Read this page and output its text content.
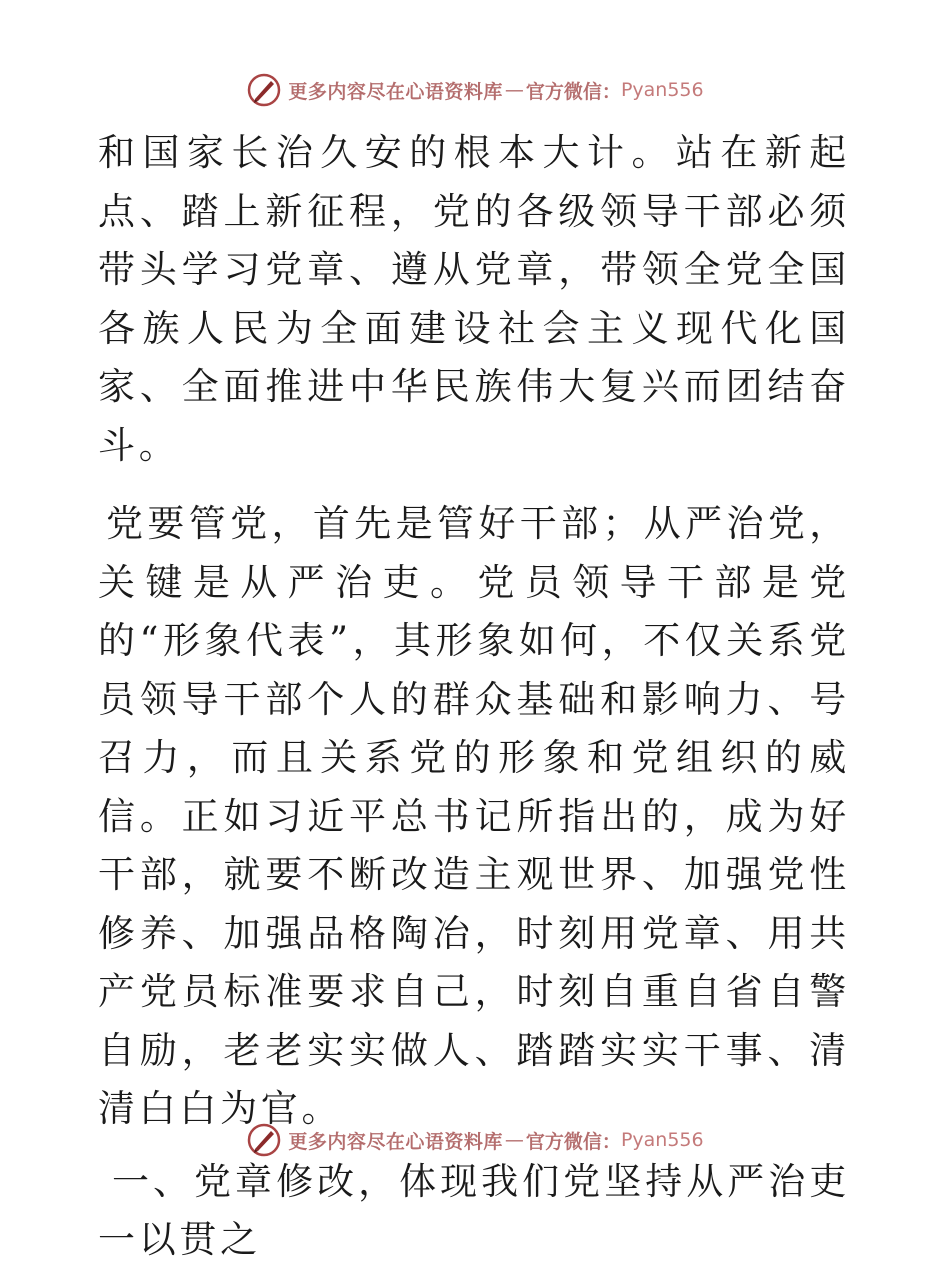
更多内容尽在心语资料库 — 官方微信： Pyan556

和国家长治久安的根本大计。站在新起点、踏上新征程，党的各级领导干部必须带头学习党章、遵从党章，带领全党全国各族人民为全面建设社会主义现代化国家、全面推进中华民族伟大复兴而团结奋斗。

党要管党，首先是管好干部；从严治党，关键是从严治吏。党员领导干部是党的“形象代表”，其形象如何，不仅关系党员领导干部个人的群众基础和影响力、号召力，而且关系党的形象和党组织的威信。正如习近平总书记所指出的，成为好干部，就要不断改造主观世界、加强党性修养、加强品格陶冶，时刻用党章、用共产党员标准要求自己，时刻自重自省自警自励，老老实实做人、踏踏实实干事、清清白白为官。

一、党章修改，体现我们党坚持从严治吏一以贯之

更多内容尽在心语资料库 — 官方微信： Pyan556
